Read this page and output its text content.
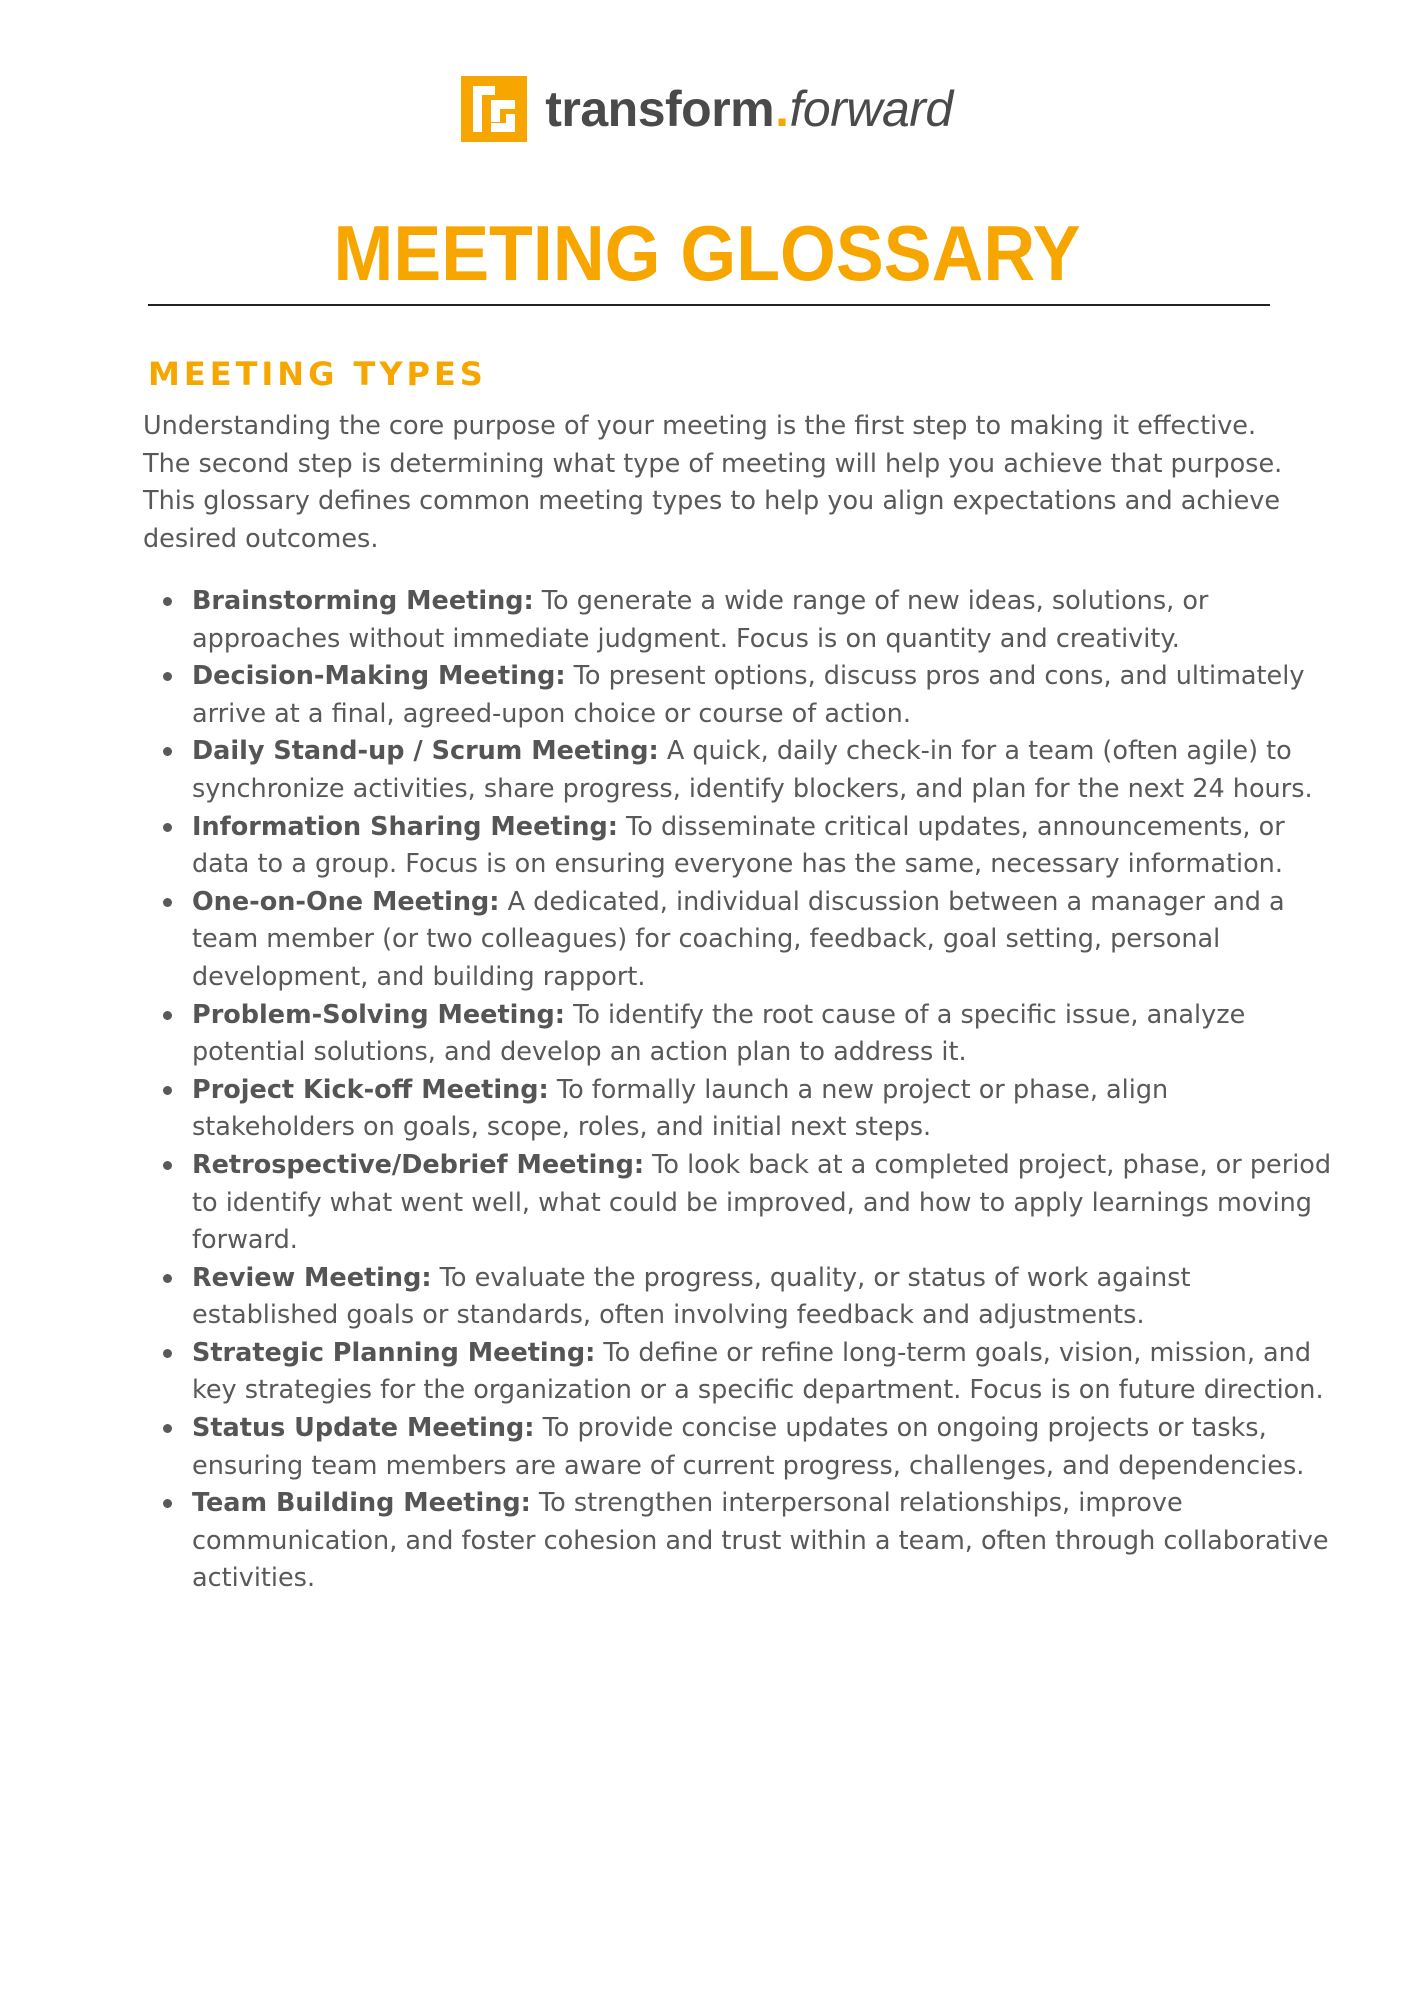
transform . forward
MEETING GLOSSARY
MEETING TYPES

Understanding the core purpose of your meeting is the first step to making it effective. The second step is determining what type of meeting will help you achieve that purpose. This glossary defines common meeting types to help you align expectations and achieve desired outcomes.

Brainstorming Meeting: To generate a wide range of new ideas, solutions, or approaches without immediate judgment. Focus is on quantity and creativity.
Decision-Making Meeting: To present options, discuss pros and cons, and ultimately arrive at a final, agreed-upon choice or course of action.
Daily Stand-up / Scrum Meeting: A quick, daily check-in for a team (often agile) to synchronize activities, share progress, identify blockers, and plan for the next 24 hours.
Information Sharing Meeting: To disseminate critical updates, announcements, or data to a group. Focus is on ensuring everyone has the same, necessary information.
One-on-One Meeting: A dedicated, individual discussion between a manager and a team member (or two colleagues) for coaching, feedback, goal setting, personal development, and building rapport.
Problem-Solving Meeting: To identify the root cause of a specific issue, analyze potential solutions, and develop an action plan to address it.
Project Kick-off Meeting: To formally launch a new project or phase, align stakeholders on goals, scope, roles, and initial next steps.
Retrospective/Debrief Meeting: To look back at a completed project, phase, or period to identify what went well, what could be improved, and how to apply learnings moving forward.
Review Meeting: To evaluate the progress, quality, or status of work against established goals or standards, often involving feedback and adjustments.
Strategic Planning Meeting: To define or refine long-term goals, vision, mission, and key strategies for the organization or a specific department. Focus is on future direction.
Status Update Meeting: To provide concise updates on ongoing projects or tasks, ensuring team members are aware of current progress, challenges, and dependencies.
Team Building Meeting: To strengthen interpersonal relationships, improve communication, and foster cohesion and trust within a team, often through collaborative activities.
